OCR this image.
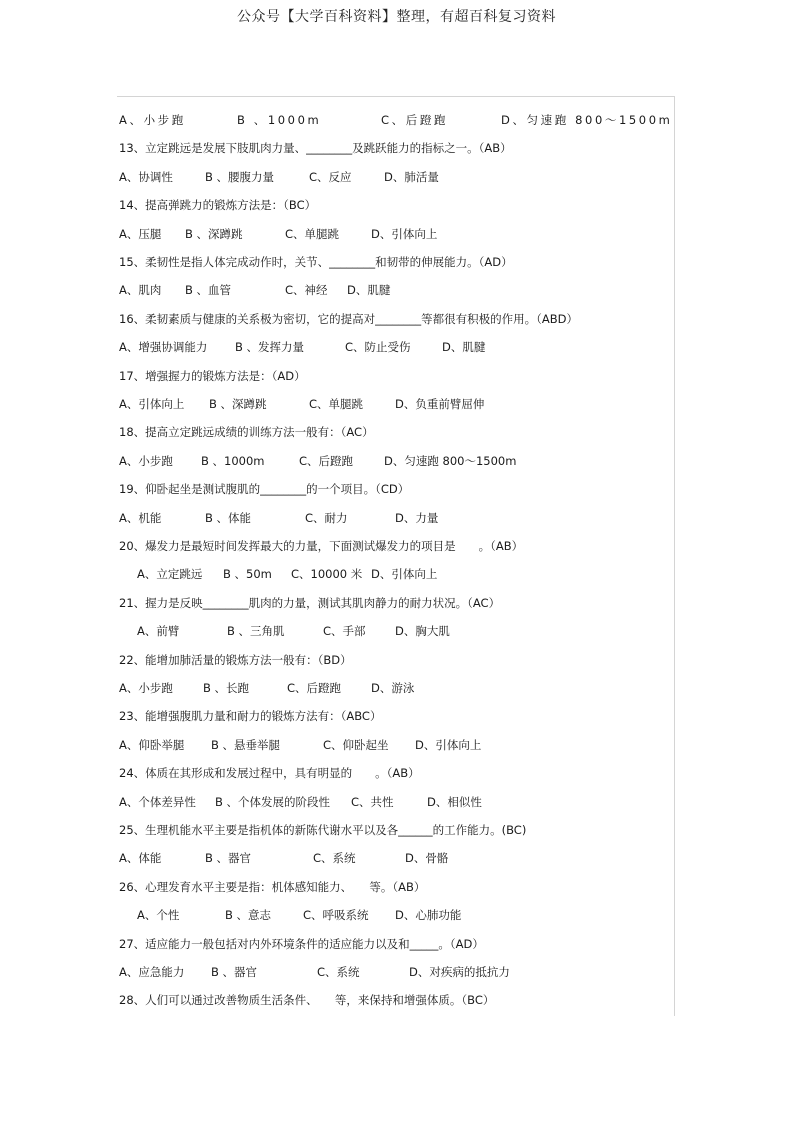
公众号【大学百科资料】整理，有超百科复习资料
A、小步跑	B 、1000m	C、后蹬跑	D、匀速跑 800～1500m
13、立定跳远是发展下肢肌肉力量、________及跳跃能力的指标之一。（AB）
A、协调性	B 、腰腹力量	C、反应	D、肺活量
14、提高弹跳力的锻炼方法是：（BC）
A、压腿 B 、深蹲跳	C、单腿跳	D、引体向上
15、柔韧性是指人体完成动作时，关节、________和韧带的伸展能力。（AD）
A、肌肉 B 、血管	C、神经 D、肌腱
16、柔韧素质与健康的关系极为密切，它的提高对________等都很有积极的作用。（ABD）
A、增强协调能力 B 、发挥力量	C、防止受伤	D、肌腱
17、增强握力的锻炼方法是：（AD）
A、引体向上 B 、深蹲跳	C、单腿跳	D、负重前臂屈伸
18、提高立定跳远成绩的训练方法一般有：（AC）
A、小步跑 B 、1000m	C、后蹬跑	D、匀速跑 800～1500m
19、仰卧起坐是测试腹肌的________的一个项目。（CD）
A、机能	B 、体能	C、耐力	D、力量
20、爆发力是最短时间发挥最大的力量，下面测试爆发力的项目是　　。（AB）
A、立定跳远 B 、50m C、10000 米 D、引体向上
21、握力是反映________肌肉的力量，测试其肌肉静力的耐力状况。（AC）
A、前臂	B 、三角肌	C、手部	D、胸大肌
22、能增加肺活量的锻炼方法一般有：（BD）
A、小步跑	B 、长跑	C、后蹬跑	D、游泳
23、能增强腹肌力量和耐力的锻炼方法有：（ABC）
A、仰卧举腿 B 、悬垂举腿	C、仰卧起坐 D、引体向上
24、体质在其形成和发展过程中，具有明显的　　。（AB）
A、个体差异性 B 、个体发展的阶段性 C、共性	D、相似性
25、生理机能水平主要是指机体的新陈代谢水平以及各______的工作能力。(BC)
A、体能	B 、器官	C、系统	D、骨骼
26、心理发育水平主要是指：机体感知能力、　　等。（AB）
A、个性	B 、意志	C、呼吸系统 D、心肺功能
27、适应能力一般包括对内外环境条件的适应能力以及和_____。（AD）
A、应急能力 B 、器官	C、系统	D、对疾病的抵抗力
28、人们可以通过改善物质生活条件、　　等，来保持和增强体质。（BC）
